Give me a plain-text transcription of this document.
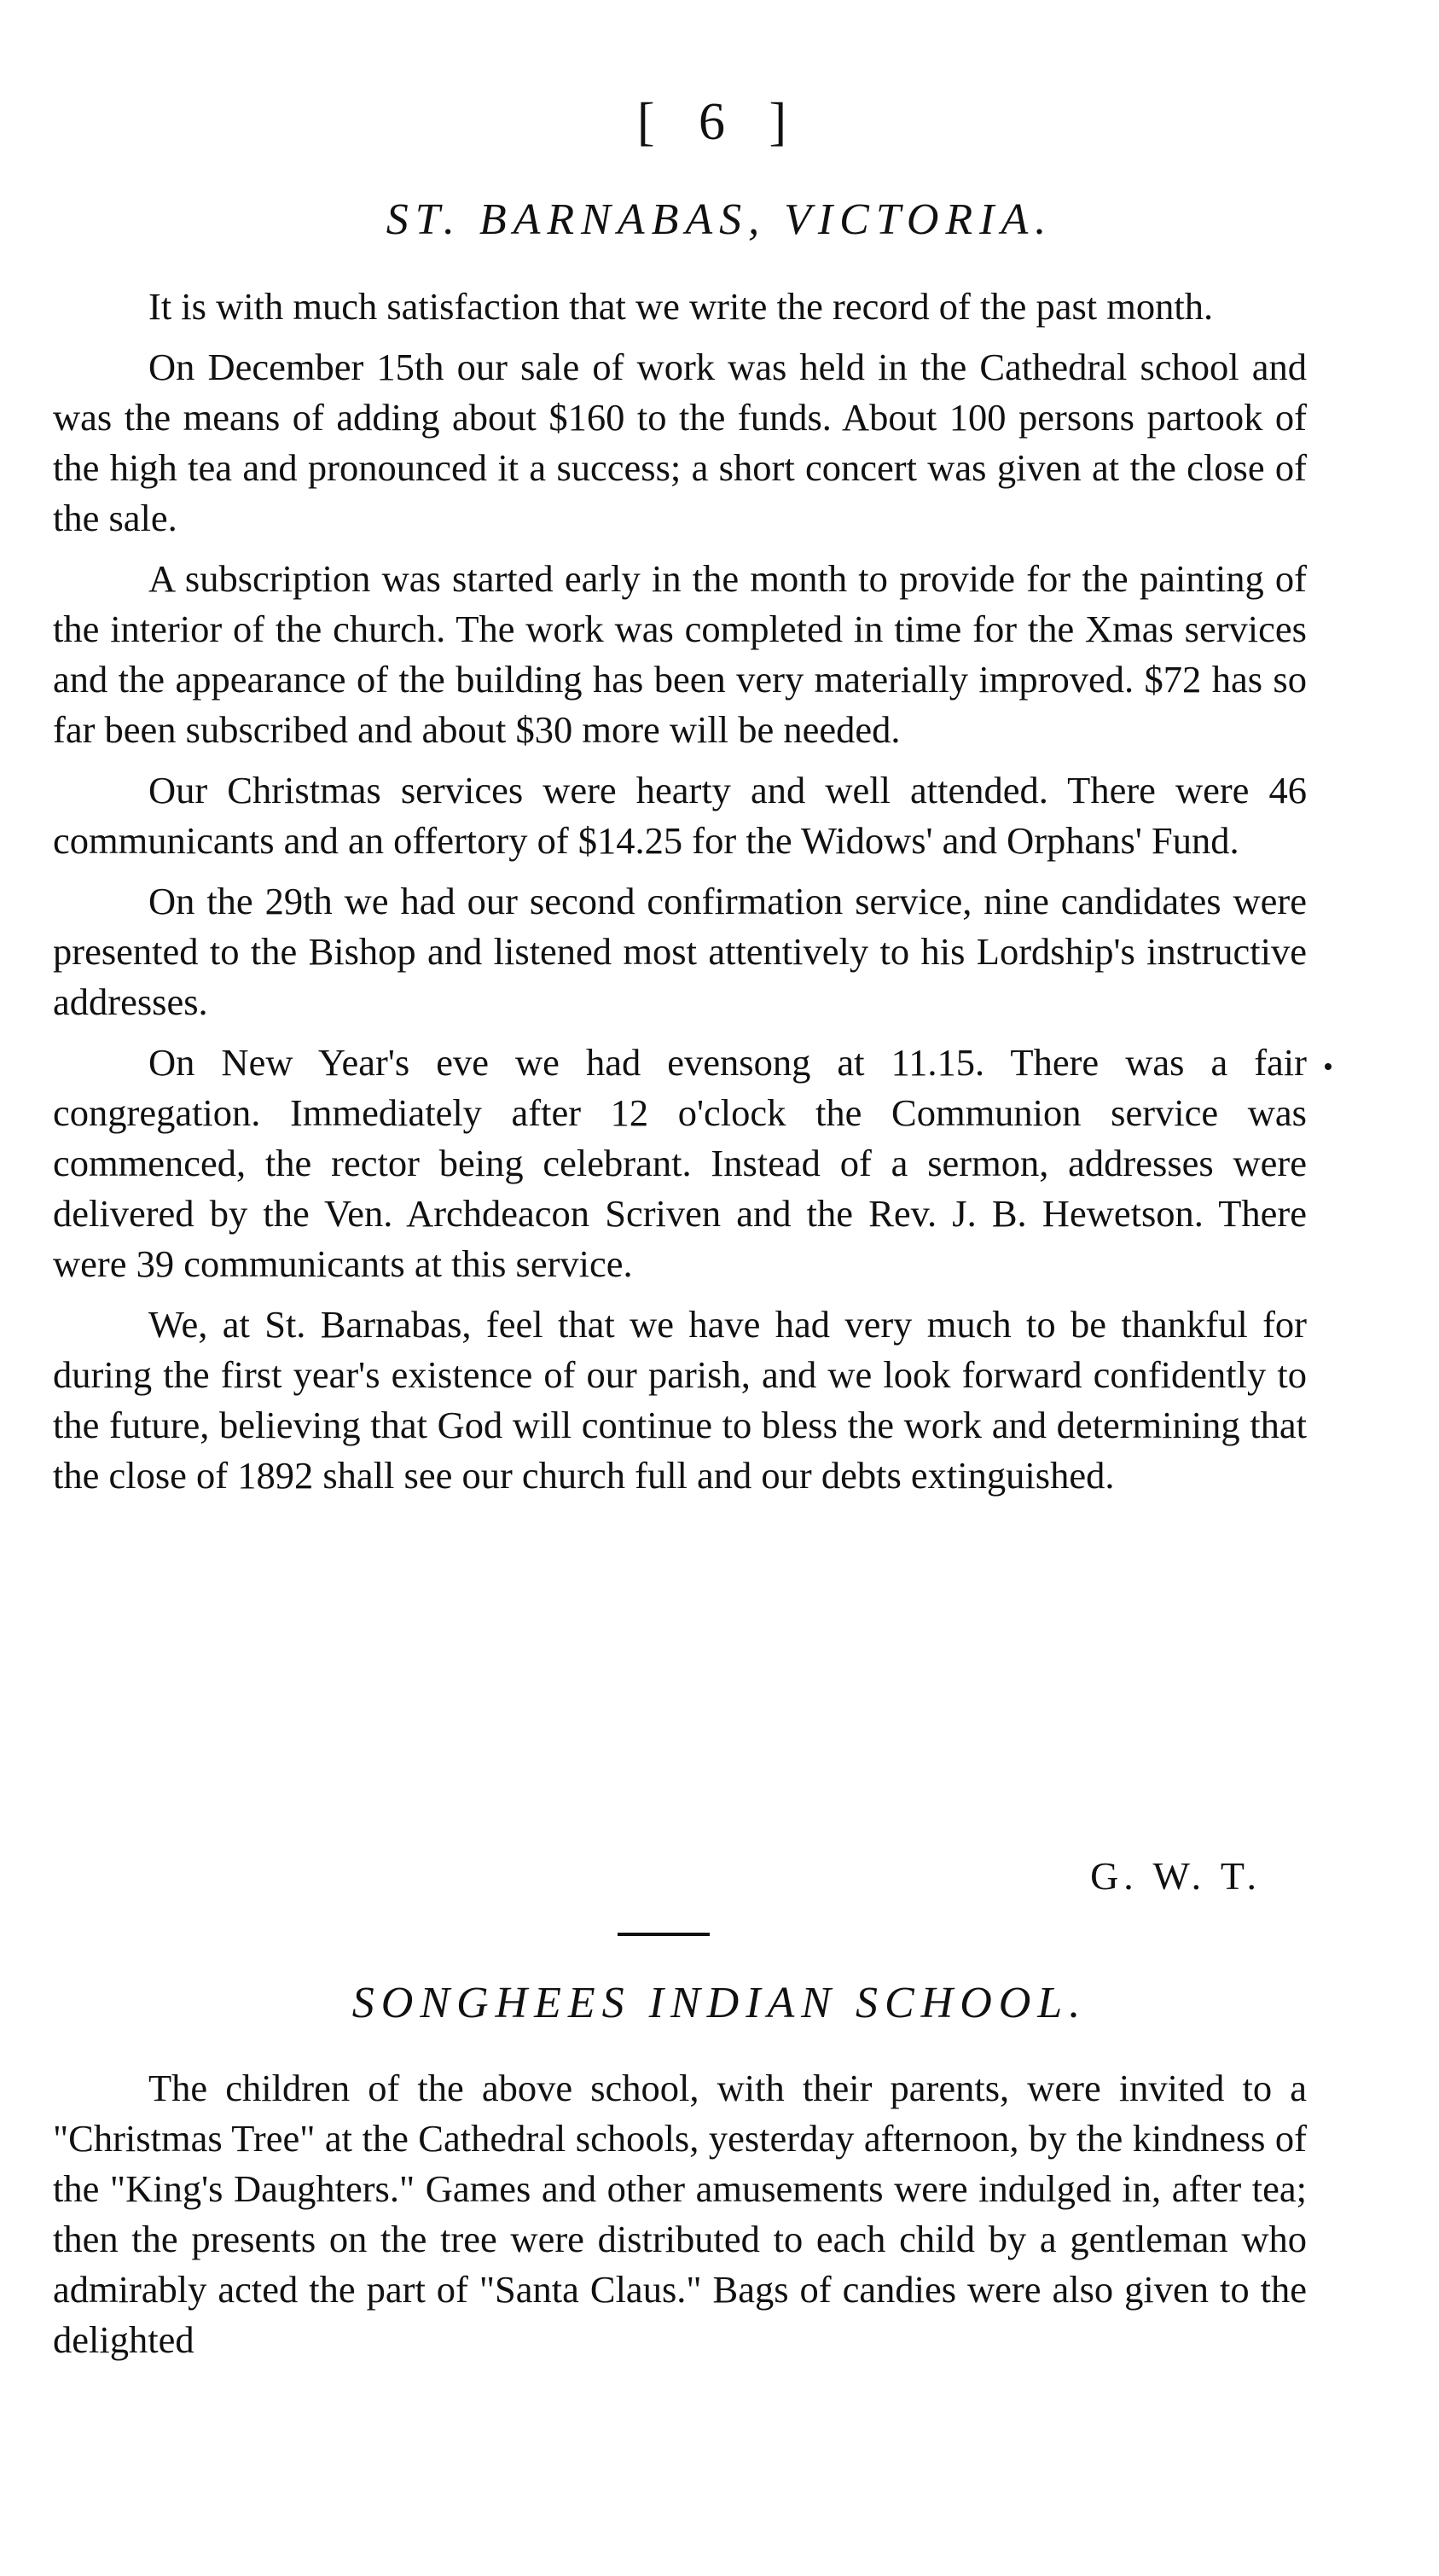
[ 6 ]
ST. BARNABAS, VICTORIA.

It is with much satisfaction that we write the record of the past month.

On December 15th our sale of work was held in the Cathedral school and was the means of adding about $160 to the funds. About 100 persons partook of the high tea and pronounced it a success; a short concert was given at the close of the sale.

A subscription was started early in the month to provide for the painting of the interior of the church. The work was completed in time for the Xmas services and the appearance of the building has been very materially improved. $72 has so far been subscribed and about $30 more will be needed.

Our Christmas services were hearty and well attended. There were 46 communicants and an offertory of $14.25 for the Widows' and Orphans' Fund.

On the 29th we had our second confirmation service, nine candidates were presented to the Bishop and listened most attentively to his Lordship's instructive addresses.

On New Year's eve we had evensong at 11.15. There was a fair congregation. Immediately after 12 o'clock the Communion service was commenced, the rector being celebrant. Instead of a sermon, addresses were delivered by the Ven. Archdeacon Scriven and the Rev. J. B. Hewetson. There were 39 communicants at this service.

We, at St. Barnabas, feel that we have had very much to be thankful for during the first year's existence of our parish, and we look forward confidently to the future, believing that God will continue to bless the work and determining that the close of 1892 shall see our church full and our debts extinguished.

G. W. T.
SONGHEES INDIAN SCHOOL.

The children of the above school, with their parents, were invited to a "Christmas Tree" at the Cathedral schools, yesterday afternoon, by the kindness of the "King's Daughters." Games and other amusements were indulged in, after tea; then the presents on the tree were distributed to each child by a gentleman who admirably acted the part of "Santa Claus." Bags of candies were also given to the delighted
